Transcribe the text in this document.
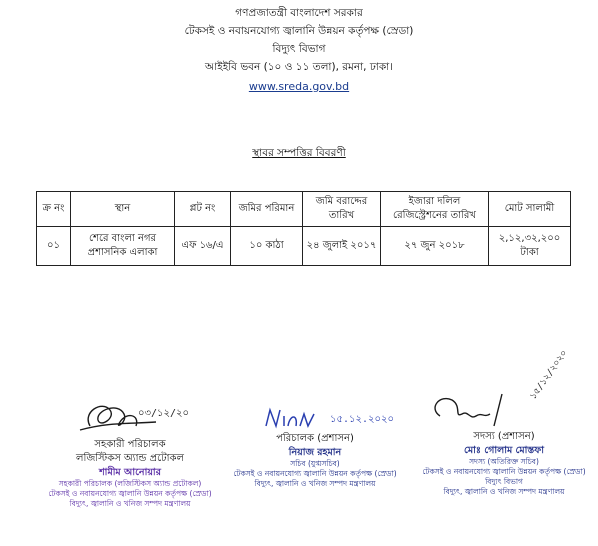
গণপ্রজাতন্ত্রী বাংলাদেশ সরকার
টেকসই ও নবায়নযোগ্য জ্বালানি উন্নয়ন কর্তৃপক্ষ (স্রেডা)
বিদ্যুৎ বিভাগ
আইইবি ভবন (১০ ও ১১ তলা), রমনা, ঢাকা।
www.sreda.gov.bd
স্থাবর সম্পত্তির বিবরণী
ক্র নং	স্থান	প্লট নং	জমির পরিমান	জমি বরাদ্দের তারিখ	ইজারা দলিল রেজিস্ট্রেশনের তারিখ	মোট সালামী
০১	শেরে বাংলা নগর প্রশাসনিক এলাকা	এফ ১৬/এ	১০ কাঠা	২৪ জুলাই ২০১৭	২৭ জুন ২০১৮	২,১২,৩২,২০০ টাকা
০৩/১২/২০
সহকারী পরিচালক
লজিস্টিকস অ্যান্ড প্রটোকল
শামীম আনোয়ার
সহকারী পরিচালক (লজিস্টিকস অ্যান্ড প্রটোকল)
টেকসই ও নবায়নযোগ্য জ্বালানি উন্নয়ন কর্তৃপক্ষ (স্রেডা)
বিদ্যুৎ, জ্বালানি ও খনিজ সম্পদ মন্ত্রণালয়
১৫.১২.২০২০
পরিচালক (প্রশাসন)
নিয়াজ রহমান
সচিব (যুগ্মসচিব)
টেকসই ও নবায়নযোগ্য জ্বালানি উন্নয়ন কর্তৃপক্ষ (স্রেডা)
বিদ্যুৎ, জ্বালানি ও খনিজ সম্পদ মন্ত্রণালয়
১৫/১২/২০২০
সদস্য (প্রশাসন)
মোঃ গোলাম মোস্তফা
সদস্য (অতিরিক্ত সচিব)
টেকসই ও নবায়নযোগ্য জ্বালানি উন্নয়ন কর্তৃপক্ষ (স্রেডা)
বিদ্যুৎ বিভাগ
বিদ্যুৎ, জ্বালানি ও খনিজ সম্পদ মন্ত্রণালয়
